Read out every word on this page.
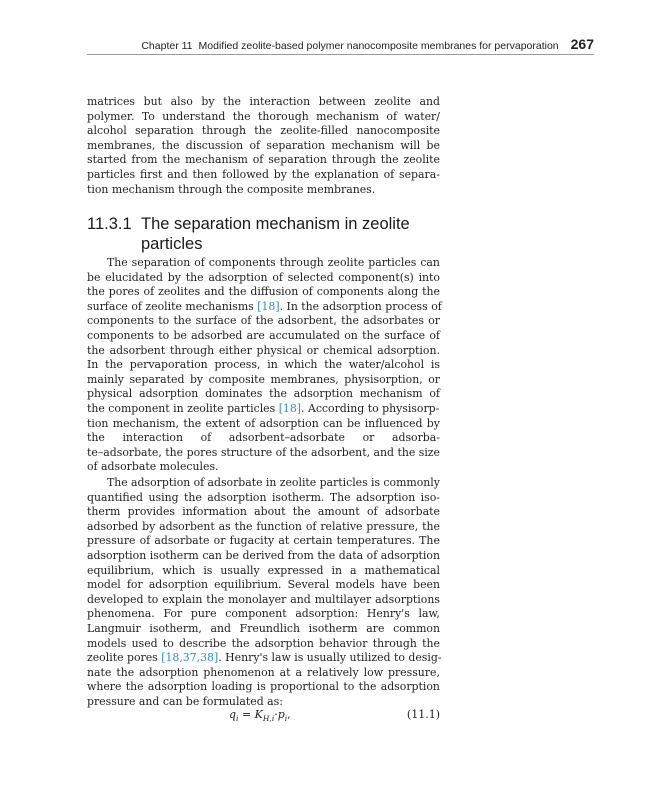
Chapter 11 Modified zeolite-based polymer nanocomposite membranes for pervaporation 267
matrices but also by the interaction between zeolite and
polymer. To understand the thorough mechanism of water/
alcohol separation through the zeolite-filled nanocomposite
membranes, the discussion of separation mechanism will be
started from the mechanism of separation through the zeolite
particles first and then followed by the explanation of separa-
tion mechanism through the composite membranes.
11.3.1 The separation mechanism in zeolite
particles
The separation of components through zeolite particles can
be elucidated by the adsorption of selected component(s) into
the pores of zeolites and the diffusion of components along the
surface of zeolite mechanisms [18]. In the adsorption process of
components to the surface of the adsorbent, the adsorbates or
components to be adsorbed are accumulated on the surface of
the adsorbent through either physical or chemical adsorption.
In the pervaporation process, in which the water/alcohol is
mainly separated by composite membranes, physisorption, or
physical adsorption dominates the adsorption mechanism of
the component in zeolite particles [18]. According to physisorp-
tion mechanism, the extent of adsorption can be influenced by
the interaction of adsorbent–adsorbate or adsorba-
te–adsorbate, the pores structure of the adsorbent, and the size
of adsorbate molecules.
The adsorption of adsorbate in zeolite particles is commonly
quantified using the adsorption isotherm. The adsorption iso-
therm provides information about the amount of adsorbate
adsorbed by adsorbent as the function of relative pressure, the
pressure of adsorbate or fugacity at certain temperatures. The
adsorption isotherm can be derived from the data of adsorption
equilibrium, which is usually expressed in a mathematical
model for adsorption equilibrium. Several models have been
developed to explain the monolayer and multilayer adsorptions
phenomena. For pure component adsorption: Henry's law,
Langmuir isotherm, and Freundlich isotherm are common
models used to describe the adsorption behavior through the
zeolite pores [18,37,38]. Henry's law is usually utilized to desig-
nate the adsorption phenomenon at a relatively low pressure,
where the adsorption loading is proportional to the adsorption
pressure and can be formulated as:
$q_i = K_{H,i}\cdot p_i$,	(11.1)
